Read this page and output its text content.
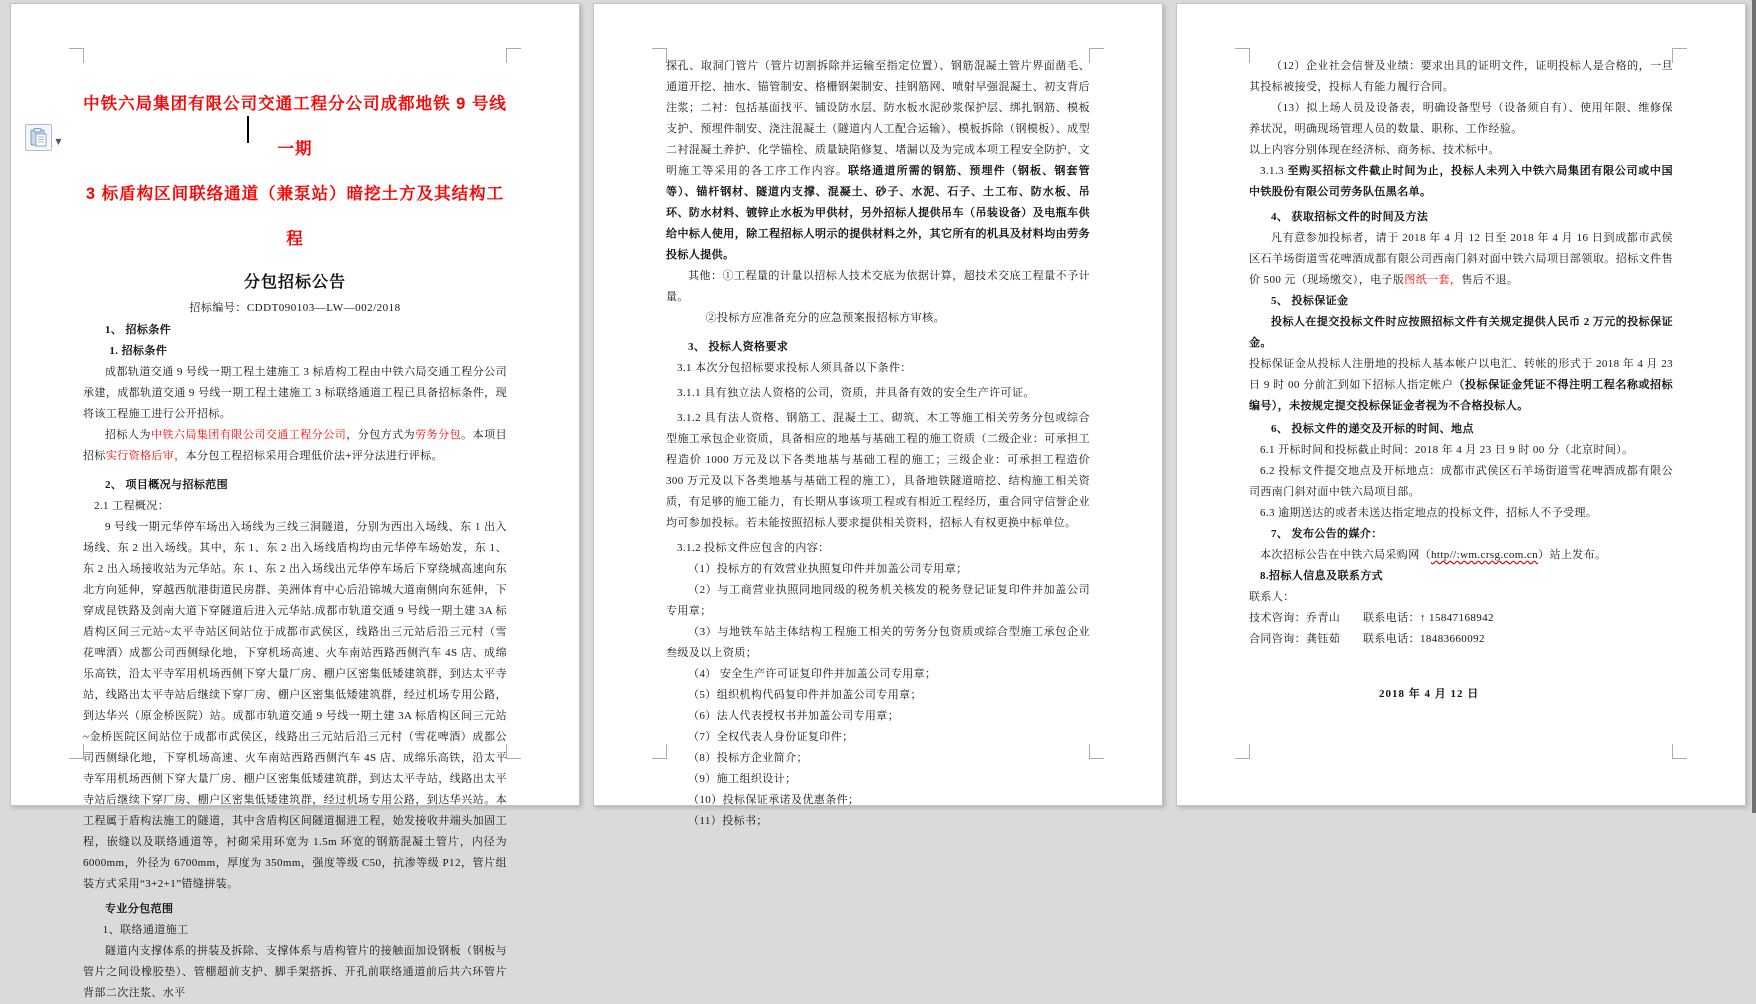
中铁六局集团有限公司交通工程分公司成都地铁 9 号线一期
3 标盾构区间联络通道（兼泵站）暗挖土方及其结构工程
分包招标公告
招标编号：CDDT090103—LW—002/2018
1、 招标条件
1. 招标条件
成都轨道交通 9 号线一期工程土建施工 3 标盾构工程由中铁六局交通工程分公司承建，成都轨道交通 9 号线一期工程土建施工 3 标联络通道工程已具备招标条件，现将该工程施工进行公开招标。
招标人为中铁六局集团有限公司交通工程分公司，分包方式为劳务分包。本项目招标实行资格后审，本分包工程招标采用合理低价法+评分法进行评标。
2、 项目概况与招标范围
2.1 工程概况：
9 号线一期元华停车场出入场线为三线三洞隧道，分别为西出入场线、东 1 出入场线、东 2 出入场线。其中，东 1、东 2 出入场线盾构均由元华停车场始发，东 1、东 2 出入场接收站为元华站。东 1、东 2 出入场线出元华停车场后下穿绕城高速向东北方向延伸，穿越西航港街道民房群、美洲体育中心后沿锦城大道南侧向东延伸，下穿成昆铁路及剑南大道下穿隧道后进入元华站.成都市轨道交通 9 号线一期土建 3A 标盾构区间三元站~太平寺站区间站位于成都市武侯区，线路出三元站后沿三元村（雪花啤酒）成都公司西侧绿化地，下穿机场高速、火车南站西路西侧汽车 4S 店、成绵乐高铁，沿太平寺军用机场西侧下穿大量厂房、棚户区密集低矮建筑群，到达太平寺站，线路出太平寺站后继续下穿厂房、棚户区密集低矮建筑群，经过机场专用公路，到达华兴（原金桥医院）站。成都市轨道交通 9 号线一期土建 3A 标盾构区间三元站~金桥医院区间站位于成都市武侯区，线路出三元站后沿三元村（雪花啤酒）成都公司西侧绿化地，下穿机场高速、火车南站西路西侧汽车 4S 店、成绵乐高铁，沿太平寺军用机场西侧下穿大量厂房、棚户区密集低矮建筑群，到达太平寺站，线路出太平寺站后继续下穿厂房、棚户区密集低矮建筑群，经过机场专用公路，到达华兴站。本工程属于盾构法施工的隧道，其中含盾构区间隧道掘进工程，始发接收井端头加固工程，嵌缝以及联络通道等，衬砌采用环宽为 1.5m 环宽的钢筋混凝土管片，内径为 6000mm，外径为 6700mm，厚度为 350mm，强度等级 C50，抗渗等级 P12，管片组装方式采用“3+2+1”错缝拼装。
专业分包范围
1、联络通道施工
隧道内支撑体系的拼装及拆除、支撑体系与盾构管片的接触面加设钢板（钢板与管片之间设橡胶垫）、管棚超前支护、脚手架搭拆、开孔前联络通道前后共六环管片背部二次注浆、水平
探孔、取洞门管片（管片切割拆除并运输至指定位置）、钢筋混凝土管片界面凿毛、通道开挖、抽水、锚管制安、格栅钢架制安、挂钢筋网、喷射早强混凝土、初支背后注浆；二衬：包括基面找平、铺设防水层、防水板水泥砂浆保护层、绑扎钢筋、模板支护、预埋件制安、浇注混凝土（隧道内人工配合运输）、模板拆除（钢模板）、成型二衬混凝土养护、化学锚栓、质量缺陷修复、堵漏以及为完成本项工程安全防护、文明施工等采用的各工序工作内容。联络通道所需的钢筋、预埋件（钢板、钢套管等）、锚杆钢材、隧道内支撑、混凝土、砂子、水泥、石子、土工布、防水板、吊环、防水材料、镀锌止水板为甲供材，另外招标人提供吊车（吊装设备）及电瓶车供给中标人使用，除工程招标人明示的提供材料之外，其它所有的机具及材料均由劳务投标人提供。
其他：①工程量的计量以招标人技术交底为依据计算，超技术交底工程量不予计量。
②投标方应准备充分的应急预案报招标方审核。
3、 投标人资格要求
3.1 本次分包招标要求投标人须具备以下条件：
3.1.1 具有独立法人资格的公司，资质，并具备有效的安全生产许可证。
3.1.2 具有法人资格、钢筋工、混凝土工、砌筑、木工等施工相关劳务分包或综合型施工承包企业资质，具备相应的地基与基础工程的施工资质（二级企业：可承担工程造价 1000 万元及以下各类地基与基础工程的施工；三级企业：可承担工程造价 300 万元及以下各类地基与基础工程的施工），具备地铁隧道暗挖、结构施工相关资质，有足够的施工能力，有长期从事该项工程或有相近工程经历，重合同守信誉企业均可参加投标。若未能按照招标人要求提供相关资料，招标人有权更换中标单位。
3.1.2 投标文件应包含的内容：
（1）投标方的有效营业执照复印件并加盖公司专用章；
（2）与工商营业执照同地同级的税务机关核发的税务登记证复印件并加盖公司专用章；
（3）与地铁车站主体结构工程施工相关的劳务分包资质或综合型施工承包企业叁级及以上资质；
（4） 安全生产许可证复印件并加盖公司专用章；
（5）组织机构代码复印件并加盖公司专用章；
（6）法人代表授权书并加盖公司专用章；
（7）全权代表人身份证复印件；
（8）投标方企业简介；
（9）施工组织设计；
（10）投标保证承诺及优惠条件；
（11）投标书；
（12）企业社会信誉及业绩：要求出具的证明文件，证明投标人是合格的，一旦其投标被接受，投标人有能力履行合同。
（13）拟上场人员及设备表，明确设备型号（设备须自有）、使用年限、维修保养状况，明确现场管理人员的数量、职称、工作经验。
以上内容分别体现在经济标、商务标、技术标中。
3.1.3 至购买招标文件截止时间为止，投标人未列入中铁六局集团有限公司或中国中铁股份有限公司劳务队伍黑名单。
4、 获取招标文件的时间及方法
凡有意参加投标者，请于 2018 年 4 月 12 日至 2018 年 4 月 16 日到成都市武侯区石羊场街道雪花啤酒成都有限公司西南门斜对面中铁六局项目部领取。招标文件售价 500 元（现场缴交），电子版图纸一套，售后不退。
5、 投标保证金
投标人在提交投标文件时应按照招标文件有关规定提供人民币 2 万元的投标保证金。
投标保证金从投标人注册地的投标人基本帐户以电汇、转帐的形式于 2018 年 4 月 23 日 9 时 00 分前汇到如下招标人指定帐户（投标保证金凭证不得注明工程名称或招标编号），未按规定提交投标保证金者视为不合格投标人。
6、 投标文件的递交及开标的时间、地点
6.1 开标时间和投标截止时间：2018 年 4 月 23 日 9 时 00 分（北京时间）。
6.2 投标文件提交地点及开标地点：成都市武侯区石羊场街道雪花啤酒成都有限公司西南门斜对面中铁六局项目部。
6.3 逾期送达的或者未送达指定地点的投标文件，招标人不予受理。
7、 发布公告的媒介：
本次招标公告在中铁六局采购网（http//:wm.crsg.com.cn）站上发布。
8.招标人信息及联系方式
联系人：
技术咨询：乔青山　　联系电话：↑ 15847168942
合同咨询：龚钰茹　　联系电话：18483660092
2018 年 4 月 12 日
▼
